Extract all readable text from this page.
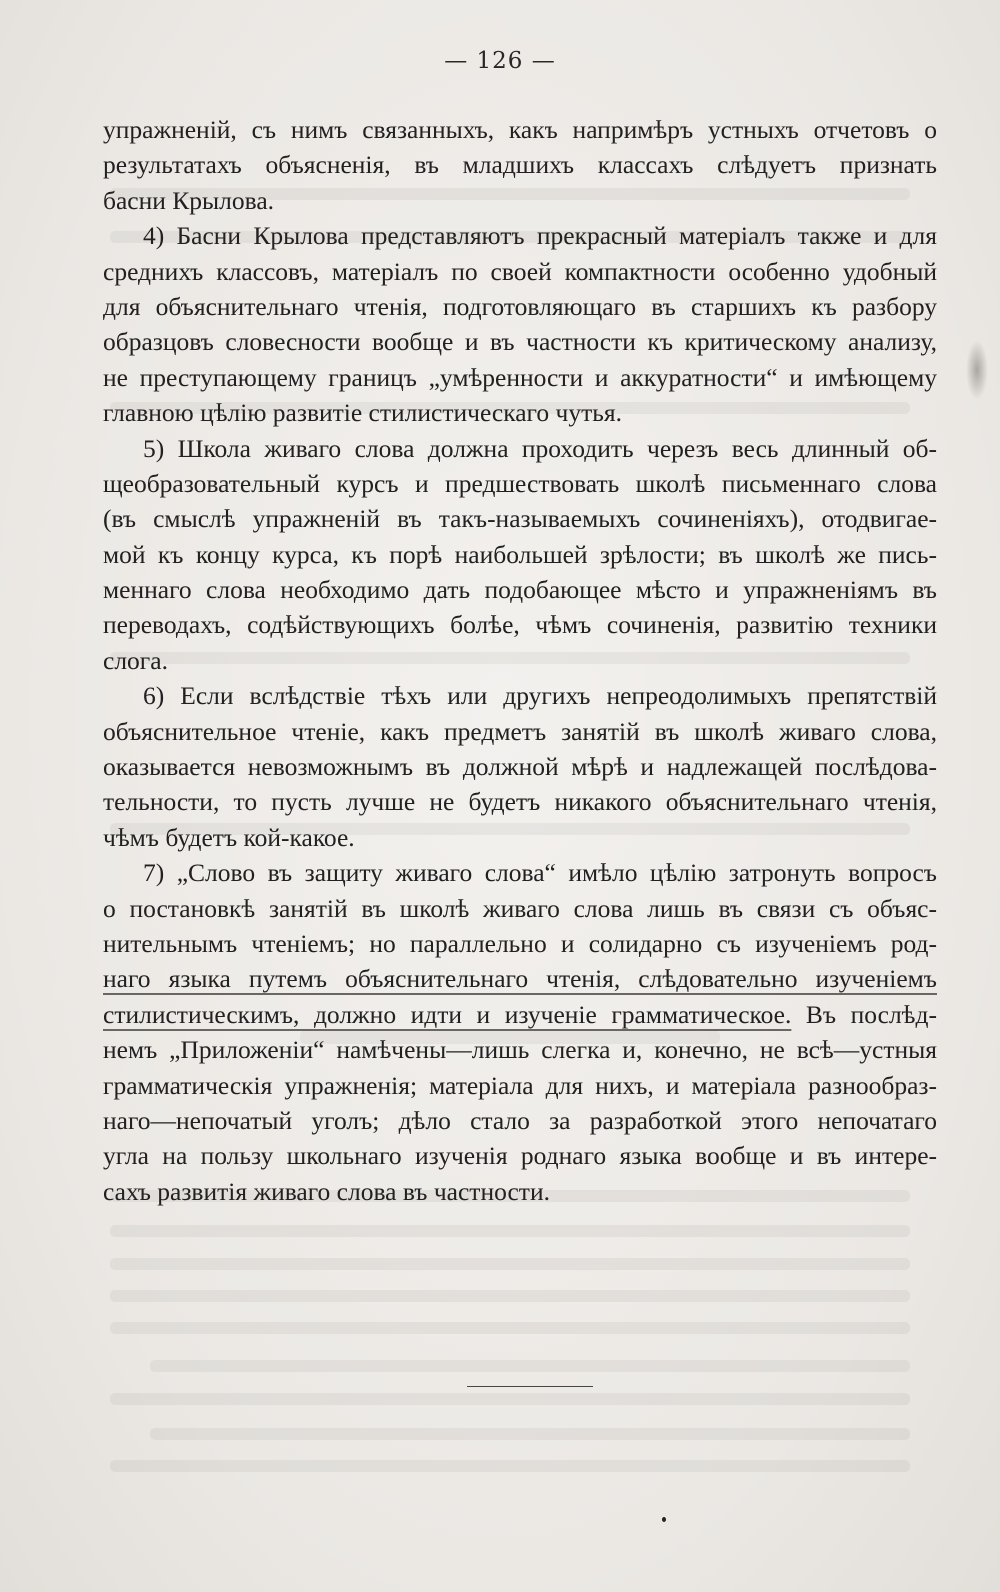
— 126 —
упражненій, съ нимъ связанныхъ, какъ напримѣръ устныхъ отчетовъ о
результатахъ объясненія, въ младшихъ классахъ слѣдуетъ признать
басни Крылова.
4) Басни Крылова представляютъ прекрасный матеріалъ также и для
среднихъ классовъ, матеріалъ по своей компактности особенно удобный
для объяснительнаго чтенія, подготовляющаго въ старшихъ къ разбору
образцовъ словесности вообще и въ частности къ критическому анализу,
не преступающему границъ „умѣренности и аккуратности“ и имѣющему
главною цѣлію развитіе стилистическаго чутья.
5) Школа живаго слова должна проходить черезъ весь длинный об-
щеобразовательный курсъ и предшествовать школѣ письменнаго слова
(въ смыслѣ упражненій въ такъ-называемыхъ сочиненіяхъ), отодвигае-
мой къ концу курса, къ порѣ наибольшей зрѣлости; въ школѣ же пись-
меннаго слова необходимо дать подобающее мѣсто и упражненіямъ въ
переводахъ, содѣйствующихъ болѣе, чѣмъ сочиненія, развитію техники
слога.
6) Если вслѣдствіе тѣхъ или другихъ непреодолимыхъ препятствій
объяснительное чтеніе, какъ предметъ занятій въ школѣ живаго слова,
оказывается невозможнымъ въ должной мѣрѣ и надлежащей послѣдова-
тельности, то пусть лучше не будетъ никакого объяснительнаго чтенія,
чѣмъ будетъ кой-какое.
7) „Слово въ защиту живаго слова“ имѣло цѣлію затронуть вопросъ
о постановкѣ занятій въ школѣ живаго слова лишь въ связи съ объяс-
нительнымъ чтеніемъ; но параллельно и солидарно съ изученіемъ род-
наго языка путемъ объяснительнаго чтенія, слѣдовательно изученіемъ
стилистическимъ, должно идти и изученіе грамматическое. Въ послѣд-
немъ „Приложеніи“ намѣчены—лишь слегка и, конечно, не всѣ—устныя
грамматическія упражненія; матеріала для нихъ, и матеріала разнообраз-
наго—непочатый уголъ; дѣло стало за разработкой этого непочатаго
угла на пользу школьнаго изученія роднаго языка вообще и въ интере-
сахъ развитія живаго слова въ частности.
